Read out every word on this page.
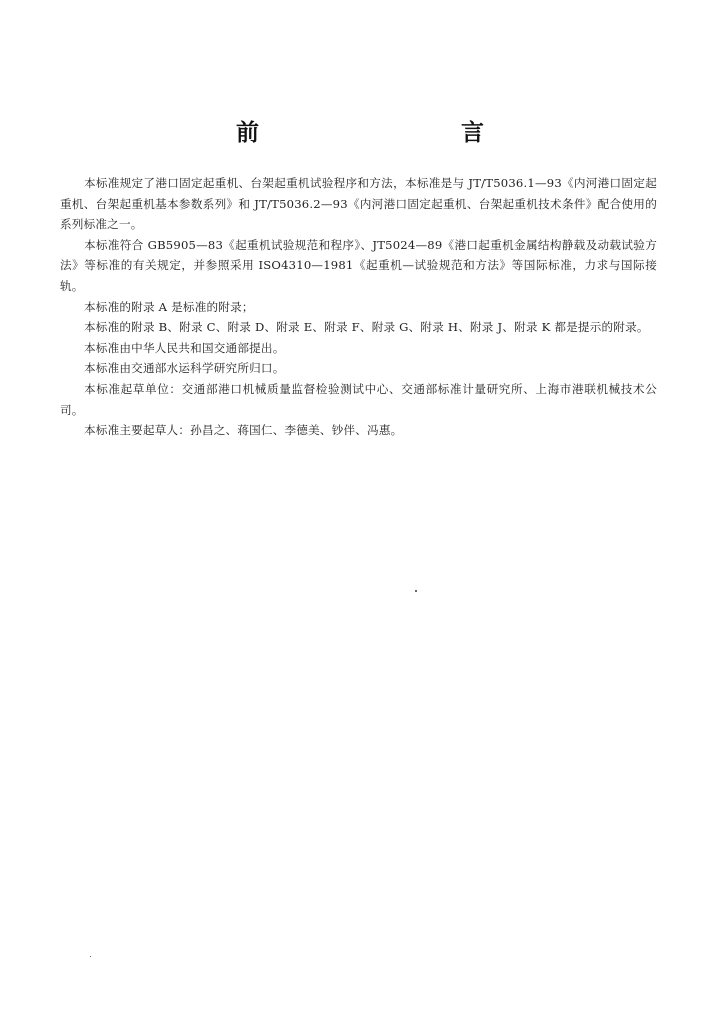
前　　言

本标准规定了港口固定起重机、台架起重机试验程序和方法，本标准是与 JT/T5036.1—93《内河港口固定起重机、台架起重机基本参数系列》和 JT/T5036.2—93《内河港口固定起重机、台架起重机技术条件》配合使用的系列标准之一。

本标准符合 GB5905—83《起重机试验规范和程序》、JT5024—89《港口起重机金属结构静载及动载试验方法》等标准的有关规定，并参照采用 ISO4310—1981《起重机—试验规范和方法》等国际标准，力求与国际接轨。

本标准的附录 A 是标准的附录；

本标准的附录 B、附录 C、附录 D、附录 E、附录 F、附录 G、附录 H、附录 J、附录 K 都是提示的附录。

本标准由中华人民共和国交通部提出。

本标准由交通部水运科学研究所归口。

本标准起草单位：交通部港口机械质量监督检验测试中心、交通部标准计量研究所、上海市港联机械技术公司。

本标准主要起草人：孙昌之、蒋国仁、李德美、钞伴、冯惠。
